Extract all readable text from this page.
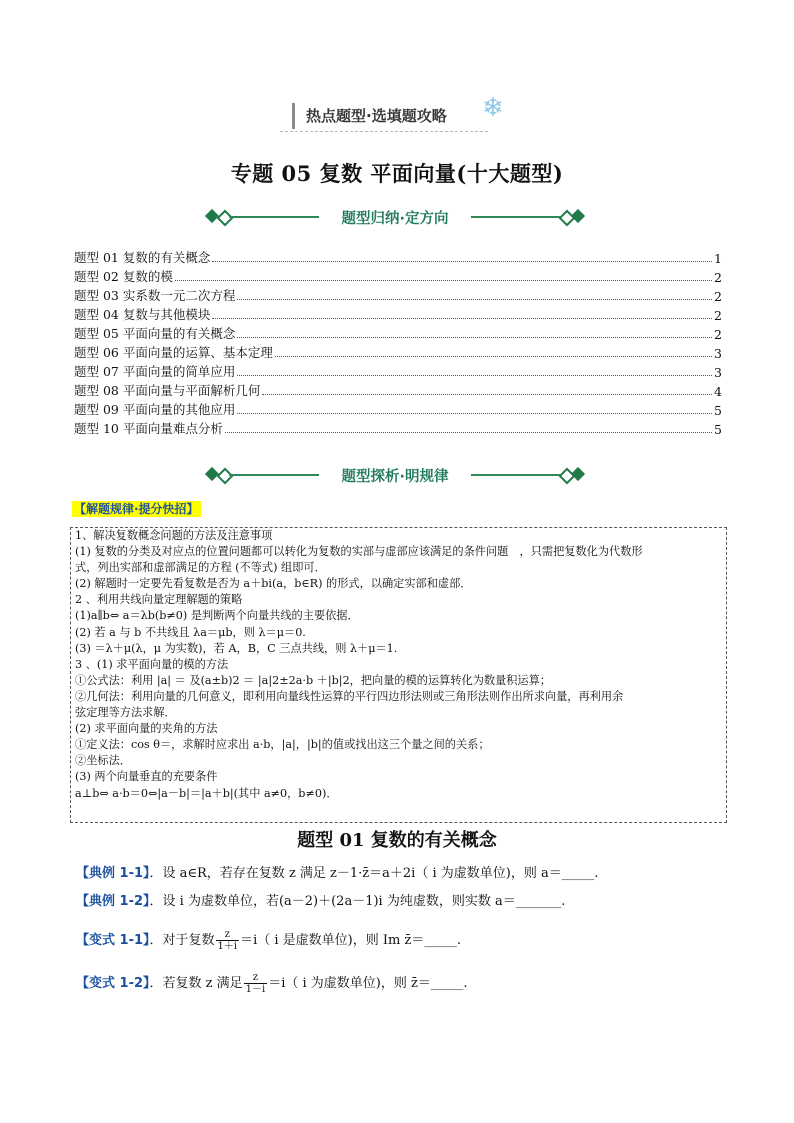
热点题型·选填题攻略 ❄
专题 05 复数 平面向量(十大题型)
题型归纳·定方向
题型 01 复数的有关概念	1
题型 02 复数的模	2
题型 03 实系数一元二次方程	2
题型 04 复数与其他模块	2
题型 05 平面向量的有关概念	2
题型 06 平面向量的运算、基本定理	3
题型 07 平面向量的简单应用	3
题型 08 平面向量与平面解析几何	4
题型 09 平面向量的其他应用	5
题型 10 平面向量难点分析	5
题型探析·明规律
【解题规律·提分快招】
1、解决复数概念问题的方法及注意事项
(1) 复数的分类及对应点的位置问题都可以转化为复数的实部与虚部应该满足的条件问题　，只需把复数化为代数形
式，列出实部和虚部满足的方程 (不等式) 组即可．
(2) 解题时一定要先看复数是否为 a＋bi(a，b∈R) 的形式，以确定实部和虚部．
2 、利用共线向量定理解题的策略
(1)a∥b⇔ a＝λb(b≠0) 是判断两个向量共线的主要依据．
(2) 若 a 与 b 不共线且 λa＝μb，则 λ＝μ＝0.
(3) ＝λ＋μ(λ，μ 为实数)，若 A，B，C 三点共线，则 λ＋μ＝1.
3 、(1) 求平面向量的模的方法
①公式法：利用 |a| ＝ 及(a±b)2 ＝ |a|2±2a·b ＋|b|2，把向量的模的运算转化为数量积运算；
②几何法：利用向量的几何意义，即利用向量线性运算的平行四边形法则或三角形法则作出所求向量，再利用余
弦定理等方法求解．
(2) 求平面向量的夹角的方法
①定义法：cos θ＝，求解时应求出 a·b，|a|，|b|的值或找出这三个量之间的关系；
②坐标法．
(3) 两个向量垂直的充要条件
a⊥b⇔ a·b＝0⇔|a－b|＝|a＋b|(其中 a≠0，b≠0)．
题型 01 复数的有关概念
【典例 1-1】．设 a∈R，若存在复数 z 满足 z－1·z̄＝a＋2i（ i 为虚数单位)，则 a＝_____.
【典例 1-2】．设 i 为虚数单位，若(a－2)＋(2a－1)i 为纯虚数，则实数 a＝_______.
【变式 1-1】．对于复数 $\frac{z}{1+i} =i$（ i 是虚数单位)，则 Im z̄＝_____.
【变式 1-2】．若复数 z 满足 $\frac{z}{1-i} =i$（ i 为虚数单位)，则 z̄＝_____.
